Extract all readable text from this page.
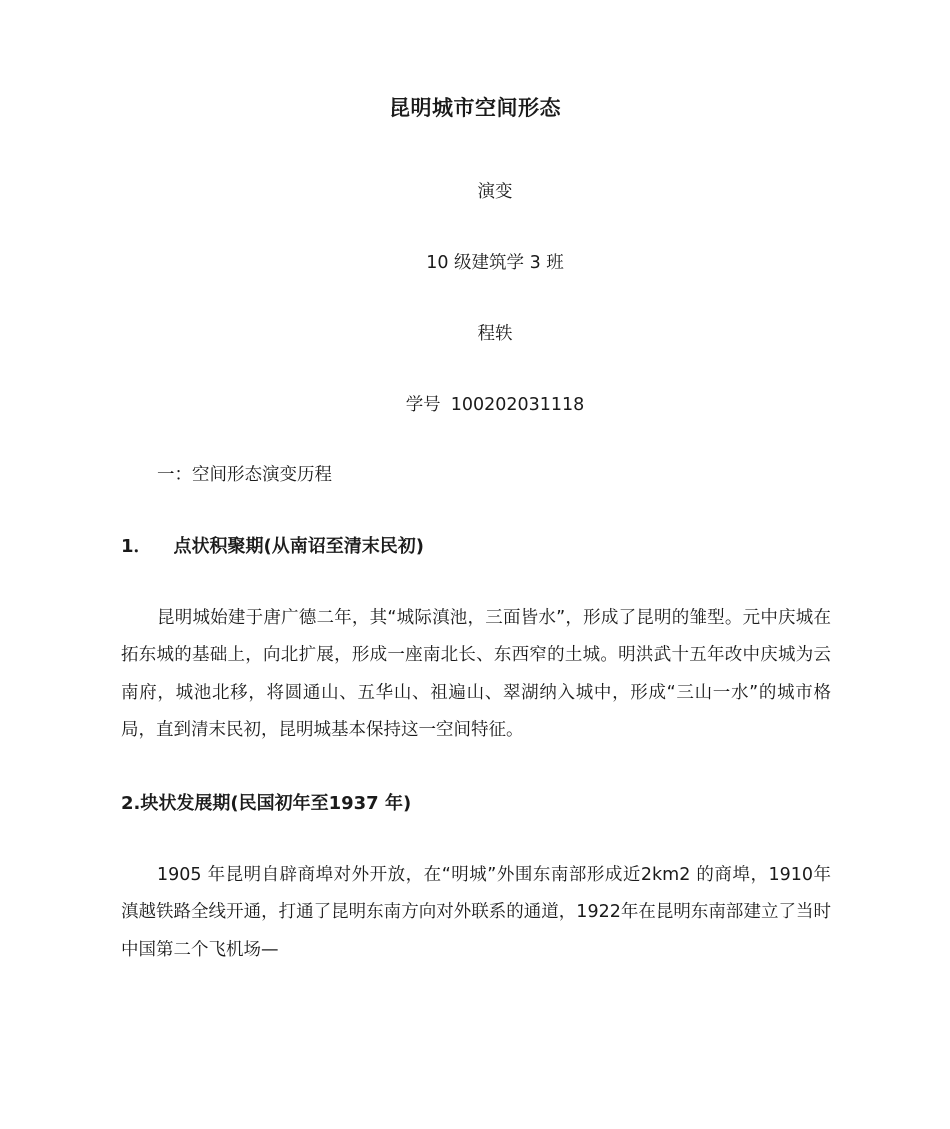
昆明城市空间形态
演变
10 级建筑学 3 班
程轶
学号 100202031118
一：空间形态演变历程
1． 点状积聚期(从南诏至清末民初)

昆明城始建于唐广德二年，其“城际滇池，三面皆水”，形成了昆明的雏型。元中庆城在拓东城的基础上，向北扩展，形成一座南北长、东西窄的土城。明洪武十五年改中庆城为云南府，城池北移，将圆通山、五华山、祖遍山、翠湖纳入城中，形成“三山一水”的城市格局，直到清末民初，昆明城基本保持这一空间特征。

2.块状发展期(民国初年至1937 年)

1905 年昆明自辟商埠对外开放，在“明城”外围东南部形成近2km2 的商埠，1910年滇越铁路全线开通，打通了昆明东南方向对外联系的通道，1922年在昆明东南部建立了当时中国第二个飞机场—
